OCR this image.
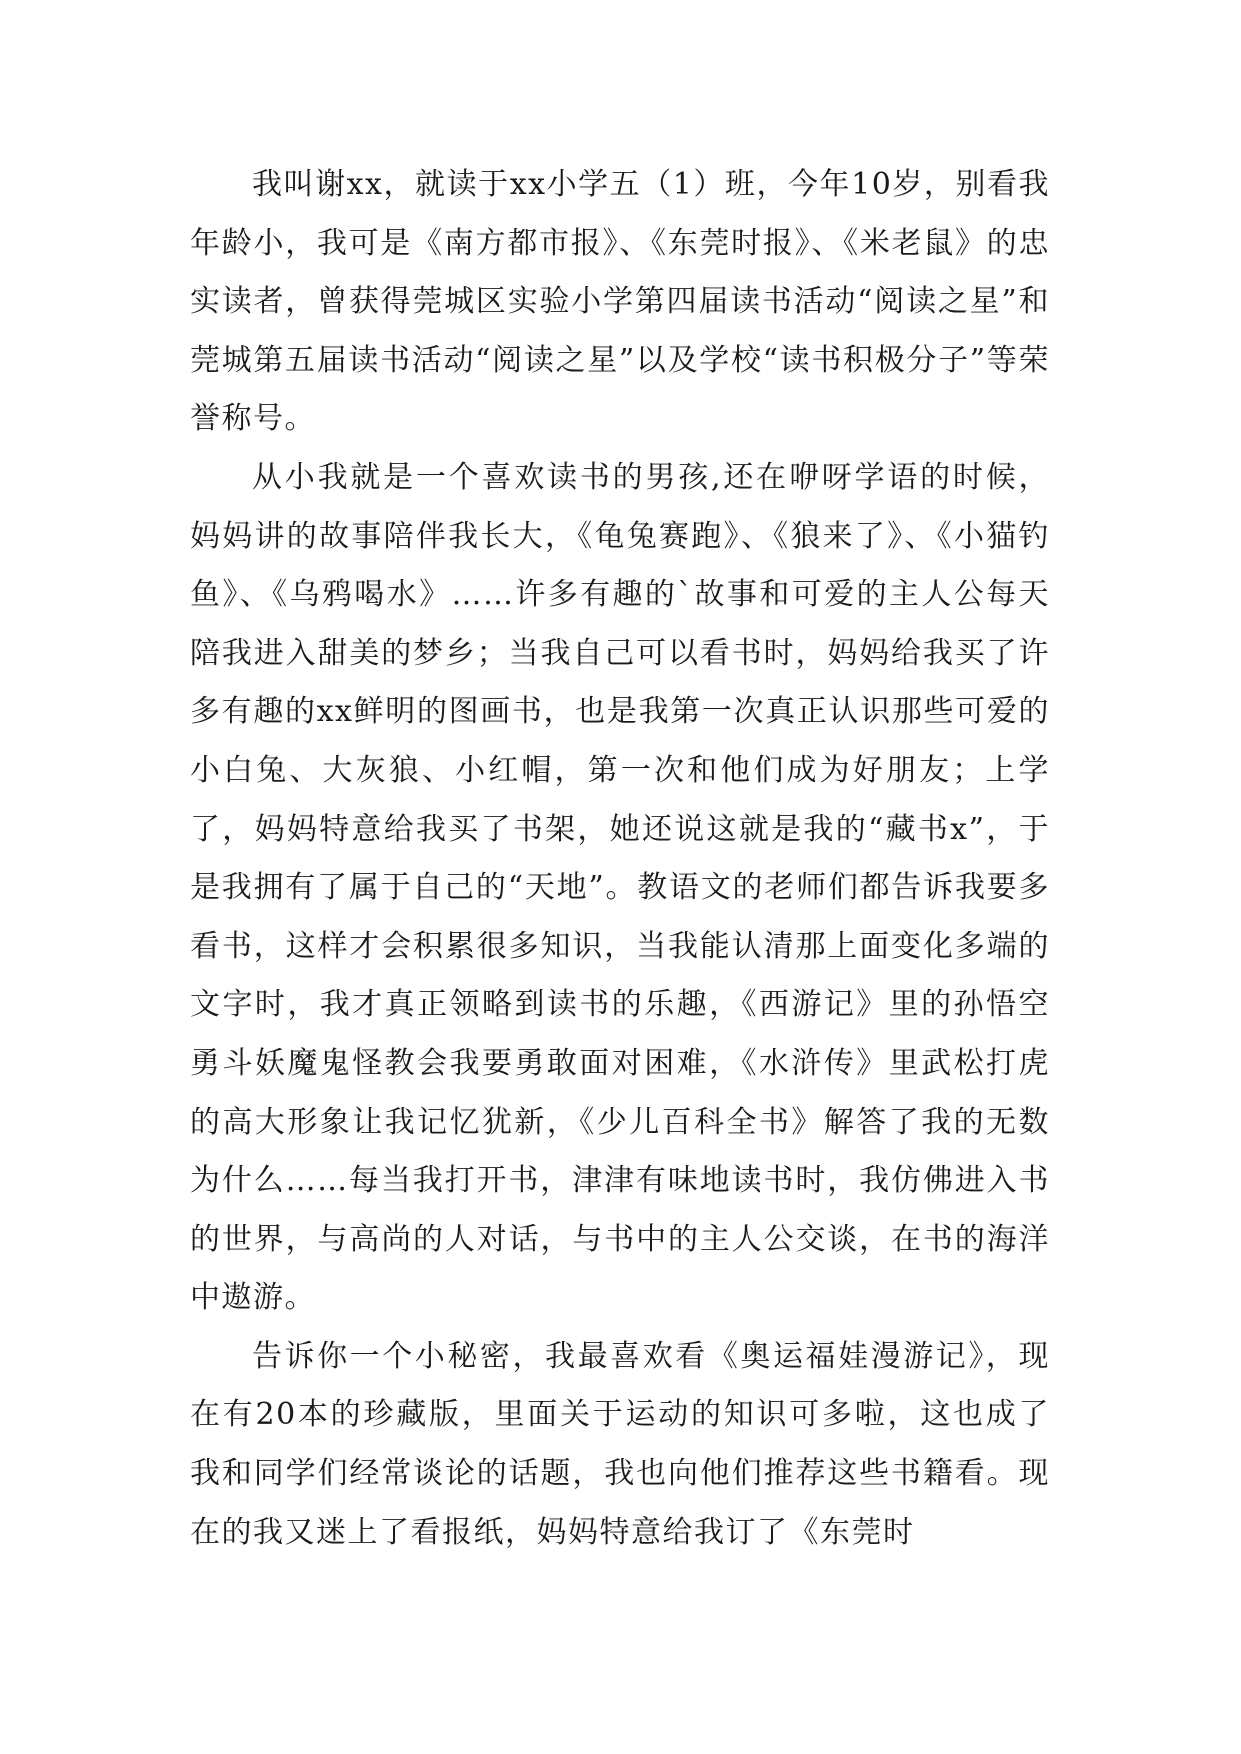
我叫谢xx，就读于xx小学五（1）班，今年10岁，别看我年龄小，我可是《南方都市报》、《东莞时报》、《米老鼠》的忠实读者，曾获得莞城区实验小学第四届读书活动“阅读之星”和莞城第五届读书活动“阅读之星”以及学校“读书积极分子”等荣誉称号。

从小我就是一个喜欢读书的男孩,还在咿呀学语的时候，妈妈讲的故事陪伴我长大，《龟兔赛跑》、《狼来了》、《小猫钓鱼》、《乌鸦喝水》……许多有趣的`故事和可爱的主人公每天陪我进入甜美的梦乡；当我自己可以看书时，妈妈给我买了许多有趣的xx鲜明的图画书，也是我第一次真正认识那些可爱的小白兔、大灰狼、小红帽，第一次和他们成为好朋友；上学了，妈妈特意给我买了书架，她还说这就是我的“藏书x”，于是我拥有了属于自己的“天地”。教语文的老师们都告诉我要多看书，这样才会积累很多知识，当我能认清那上面变化多端的文字时，我才真正领略到读书的乐趣，《西游记》里的孙悟空勇斗妖魔鬼怪教会我要勇敢面对困难，《水浒传》里武松打虎的高大形象让我记忆犹新，《少儿百科全书》解答了我的无数为什么……每当我打开书，津津有味地读书时，我仿佛进入书的世界，与高尚的人对话，与书中的主人公交谈，在书的海洋中遨游。

告诉你一个小秘密，我最喜欢看《奥运福娃漫游记》，现在有20本的珍藏版，里面关于运动的知识可多啦，这也成了我和同学们经常谈论的话题，我也向他们推荐这些书籍看。现在的我又迷上了看报纸，妈妈特意给我订了《东莞时
